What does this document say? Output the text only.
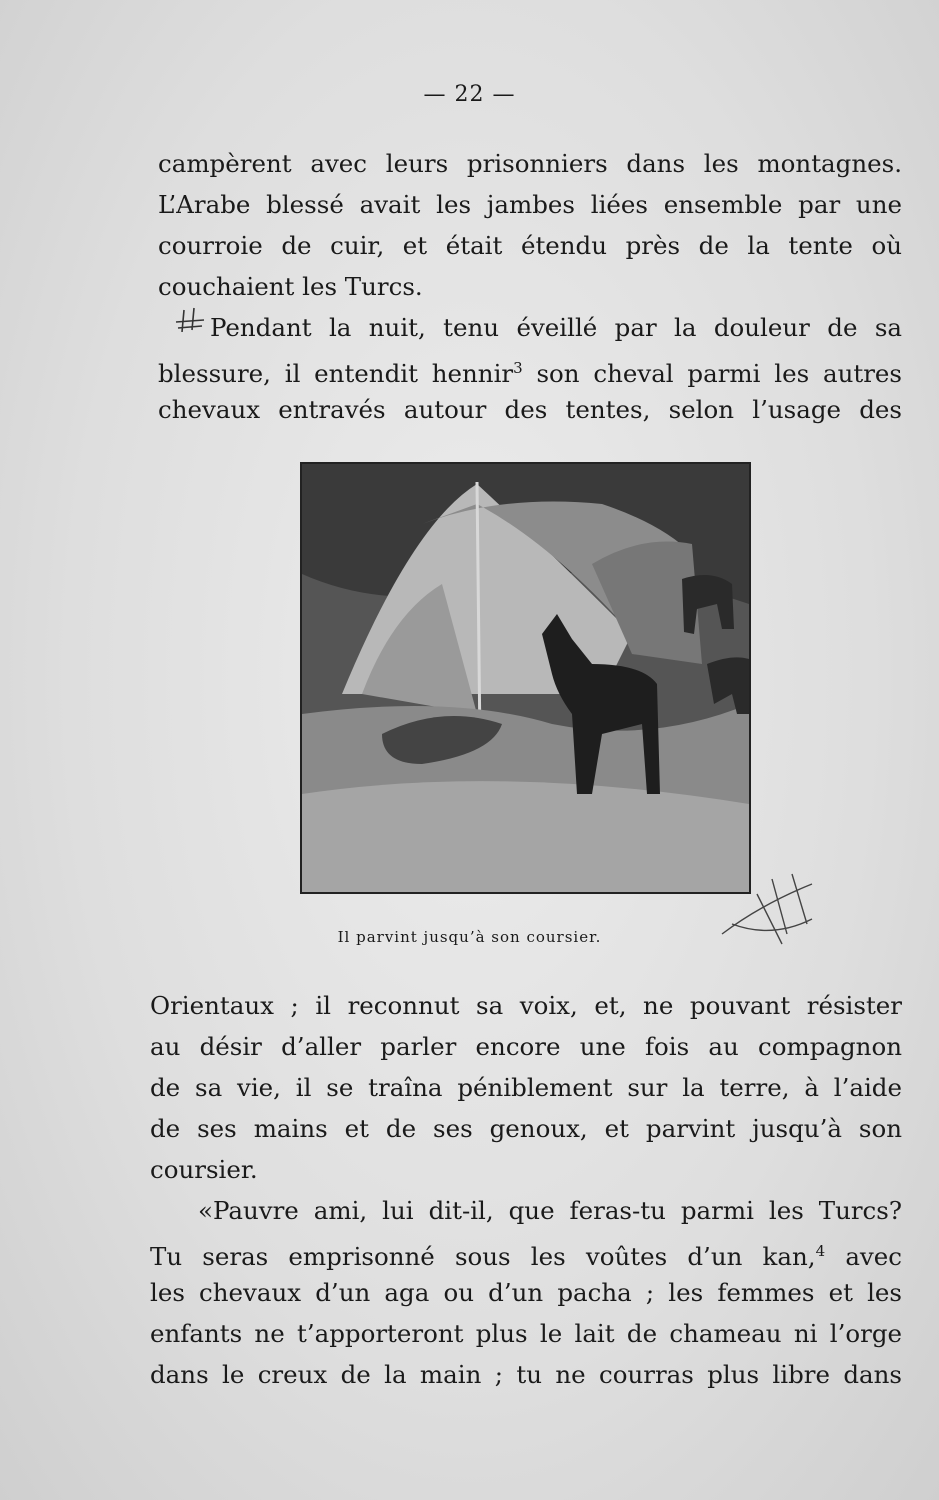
— 22 —
campèrent avec leurs prisonniers dans les montagnes.
L’Arabe blessé avait les jambes liées ensemble par une
courroie de cuir, et était étendu près de la tente où
couchaient les Turcs.
Pendant la nuit, tenu éveillé par la douleur de sa
blessure, il entendit hennir$^3$ son cheval parmi les autres
chevaux entravés autour des tentes, selon l’usage des
Il parvint jusqu’à son coursier.
Orientaux ; il reconnut sa voix, et, ne pouvant résister
au désir d’aller parler encore une fois au compagnon
de sa vie, il se traîna péniblement sur la terre, à l’aide
de ses mains et de ses genoux, et parvint jusqu’à son
coursier.
«Pauvre ami, lui dit-il, que feras-tu parmi les Turcs?
Tu seras emprisonné sous les voûtes d’un kan,$^4$ avec
les chevaux d’un aga ou d’un pacha ; les femmes et les
enfants ne t’apporteront plus le lait de chameau ni l’orge
dans le creux de la main ; tu ne courras plus libre dans
